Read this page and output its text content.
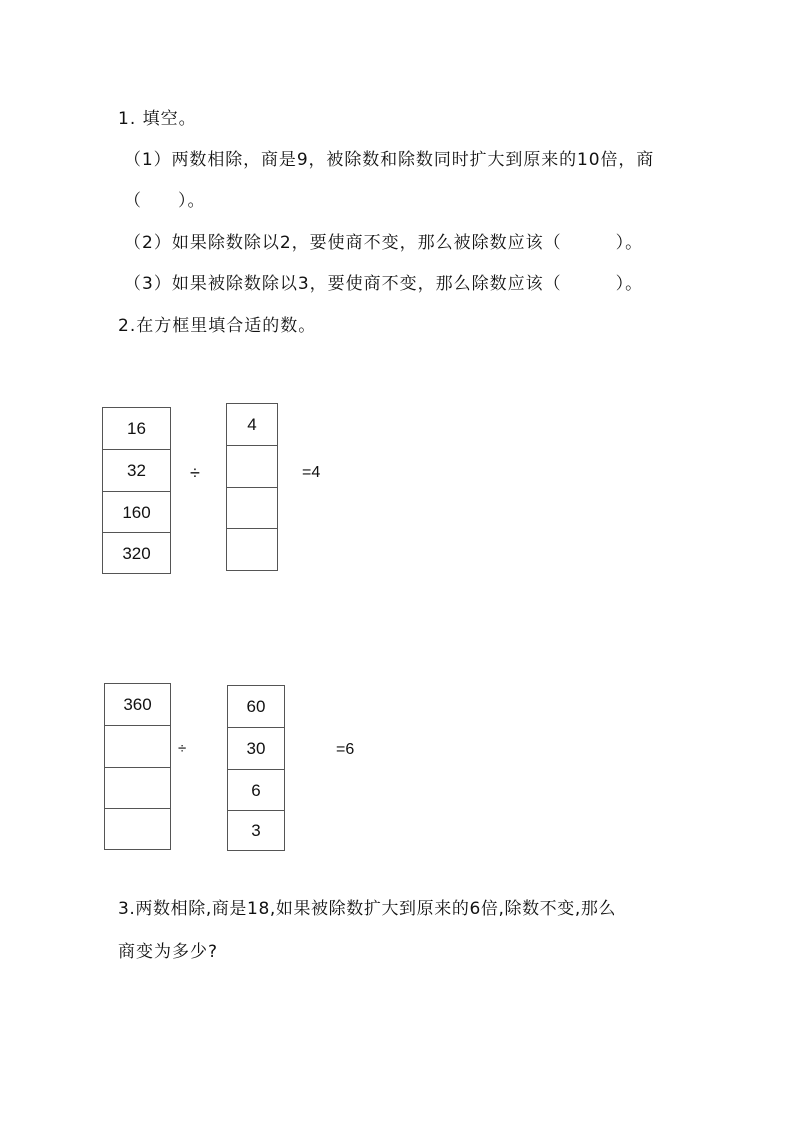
1. 填空。
（1）两数相除，商是9，被除数和除数同时扩大到原来的10倍，商
（　　）。
（2）如果除数除以2，要使商不变，那么被除数应该（　　　）。
（3）如果被除数除以3，要使商不变，那么除数应该（　　　）。
2.在方框里填合适的数。
16
32
160
320
÷
4
=4
360
÷
60
30
6
3
=6
3.两数相除,商是18,如果被除数扩大到原来的6倍,除数不变,那么
商变为多少?
